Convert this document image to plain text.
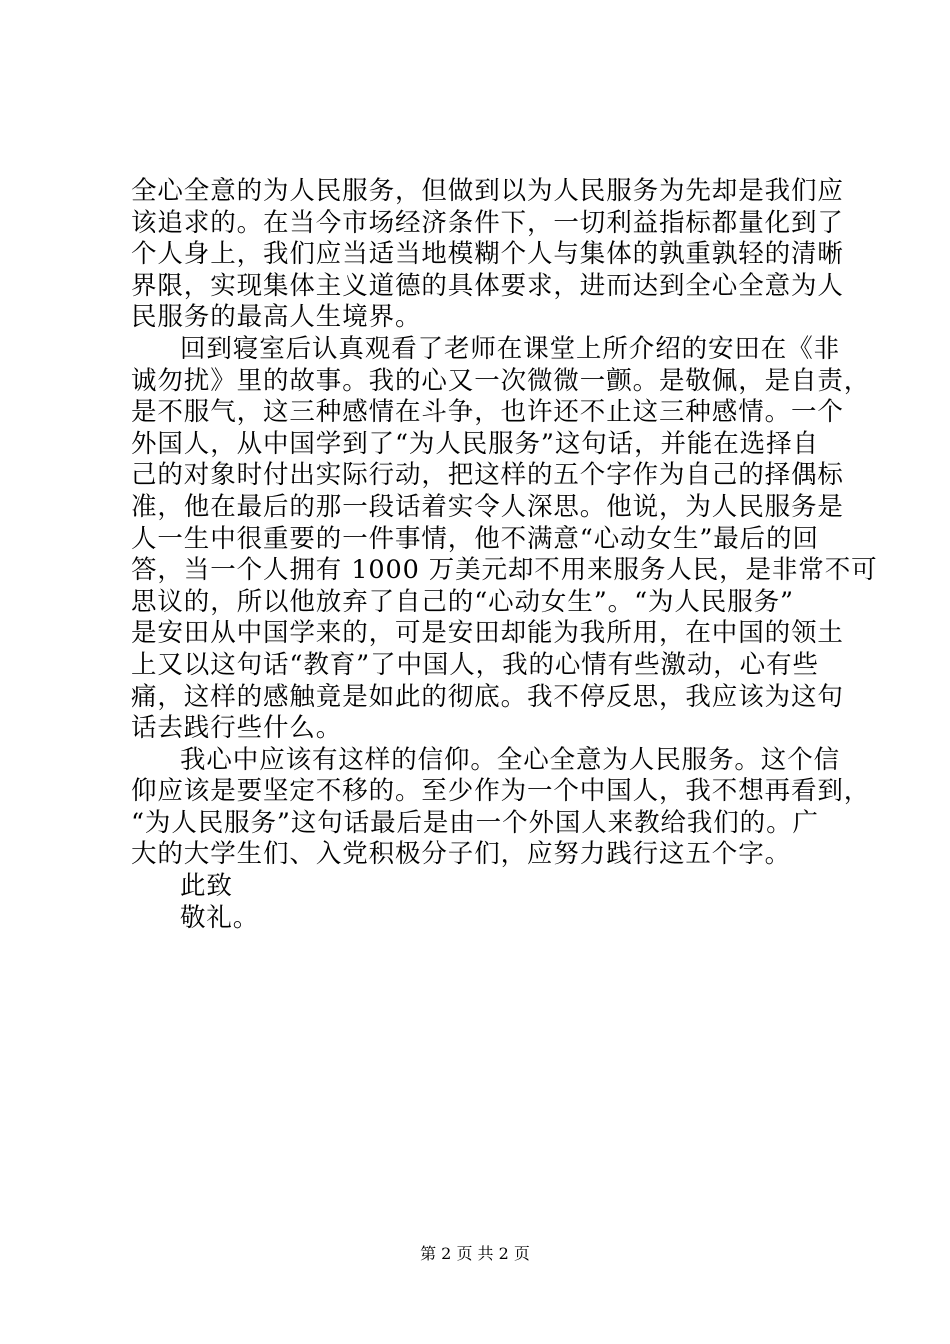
全心全意的为人民服务，但做到以为人民服务为先却是我们应
该追求的。在当今市场经济条件下，一切利益指标都量化到了
个人身上，我们应当适当地模糊个人与集体的孰重孰轻的清晰
界限，实现集体主义道德的具体要求，进而达到全心全意为人
民服务的最高人生境界。
回到寝室后认真观看了老师在课堂上所介绍的安田在《非
诚勿扰》里的故事。我的心又一次微微一颤。是敬佩，是自责，
是不服气，这三种感情在斗争，也许还不止这三种感情。一个
外国人，从中国学到了“为人民服务”这句话，并能在选择自
己的对象时付出实际行动，把这样的五个字作为自己的择偶标
准，他在最后的那一段话着实令人深思。他说，为人民服务是
人一生中很重要的一件事情，他不满意“心动女生”最后的回
答，当一个人拥有 1000 万美元却不用来服务人民，是非常不可
思议的，所以他放弃了自己的“心动女生”。“为人民服务”
是安田从中国学来的，可是安田却能为我所用，在中国的领土
上又以这句话“教育”了中国人，我的心情有些激动，心有些
痛，这样的感触竟是如此的彻底。我不停反思，我应该为这句
话去践行些什么。
我心中应该有这样的信仰。全心全意为人民服务。这个信
仰应该是要坚定不移的。至少作为一个中国人，我不想再看到，
“为人民服务”这句话最后是由一个外国人来教给我们的。广
大的大学生们、入党积极分子们，应努力践行这五个字。
此致
敬礼。
第 2 页 共 2 页
